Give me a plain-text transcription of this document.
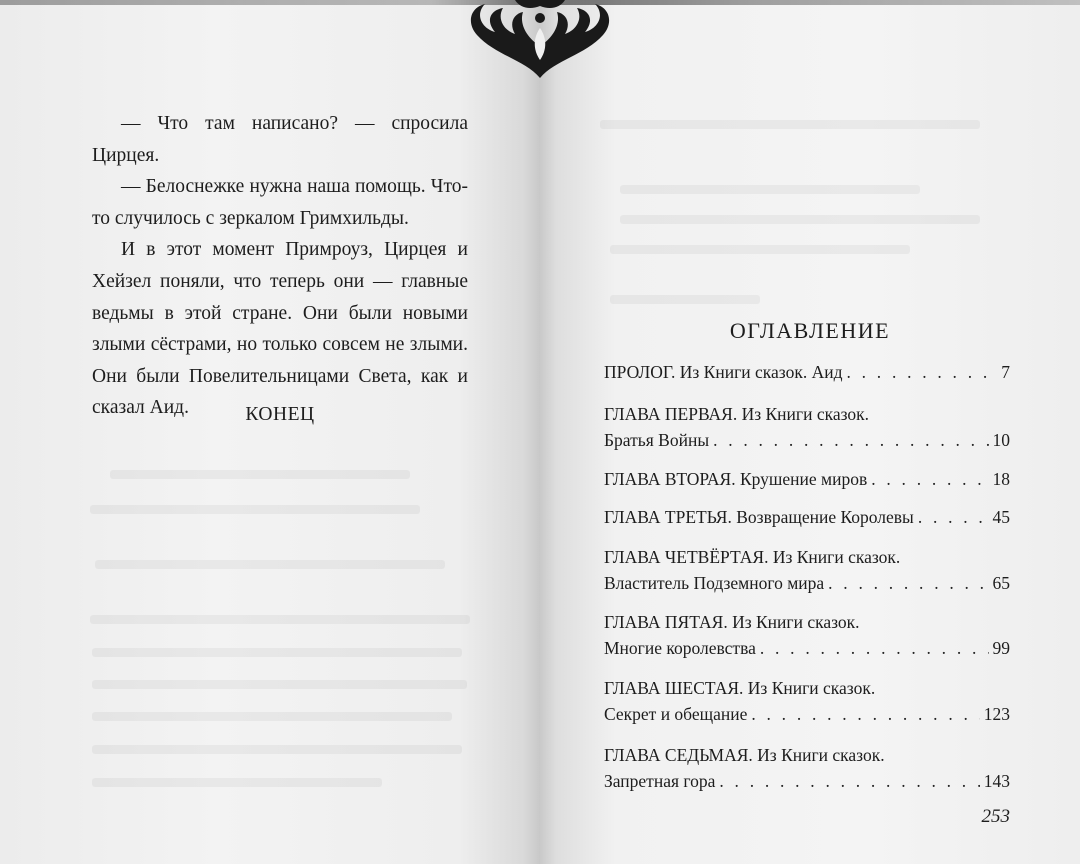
— Что там написано? — спросила Цирцея.

— Белоснежке нужна наша помощь. Что-то случилось с зеркалом Гримхильды.

И в этот момент Примроуз, Цирцея и Хейзел поняли, что теперь они — главные ведьмы в этой стране. Они были новыми злыми сёстрами, но только совсем не злыми. Они были Повелительницами Света, как и сказал Аид.	КОНЕЦ
ОГЛАВЛЕНИЕ
ПРОЛОГ. Из Книги сказок. Аид . . .	7
ГЛАВА ПЕРВАЯ. Из Книги сказок.
Братья Войны . . .	10
ГЛАВА ВТОРАЯ. Крушение миров . . .	18
ГЛАВА ТРЕТЬЯ. Возвращение Королевы . . .	45
ГЛАВА ЧЕТВЁРТАЯ. Из Книги сказок.
Властитель Подземного мира . . .	65
ГЛАВА ПЯТАЯ. Из Книги сказок.
Многие королевства . . .	99
ГЛАВА ШЕСТАЯ. Из Книги сказок.
Секрет и обещание . . .	123
ГЛАВА СЕДЬМАЯ. Из Книги сказок.
Запретная гора . . .	143
253
